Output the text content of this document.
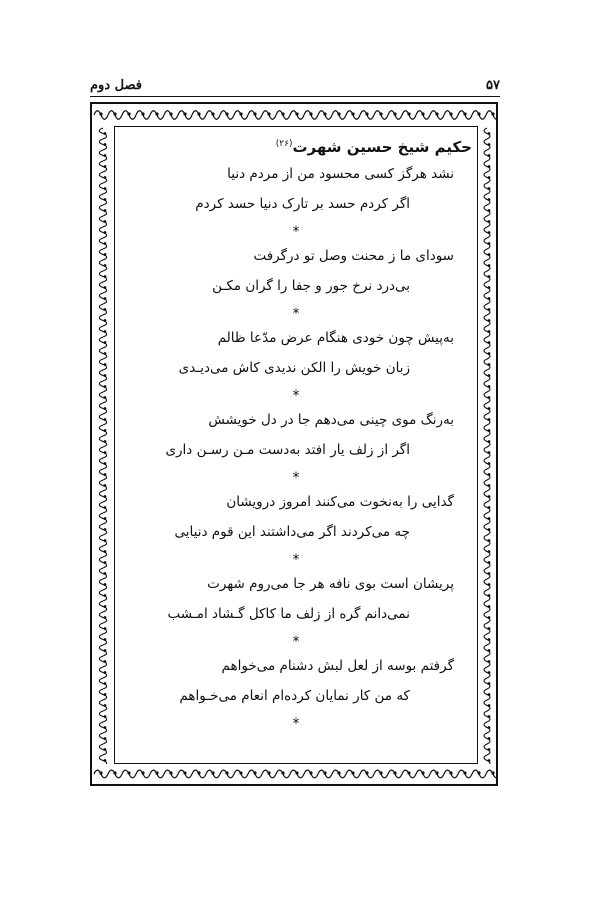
فصل دوم	۵۷
حکیم شیخ حسین شهرت$^{(۲۶)}$
نشد هرگز کسی محسود من از مردم دنیا
اگر کردم حسد بر تارک دنیا حسد کردم
*
سودای ما ز محنت وصل تو درگرفت
بی‌درد نرخ جور و جفا را گران مکـن
*
به‌پیش چون خودی هنگام عرض مدّعا ظالم
زبان خویش را الکن ندیدی کاش می‌دیـدی
*
به‌رنگ موی چینی می‌دهم جا در دل خویشش
اگر از زلف یار افتد به‌دست مـن رسـن داری
*
گدایی را به‌نخوت می‌کنند امروز درویشان
چه می‌کردند اگر می‌داشتند این قوم دنیایی
*
پریشان است بوی نافه هر جا می‌روم شهرت
نمی‌دانم گره از زلف ما کاکل گـشاد امـشب
*
گرفتم بوسه از لعل لبش دشنام می‌خواهم
که من کار نمایان کرده‌ام انعام می‌خـواهم
*
